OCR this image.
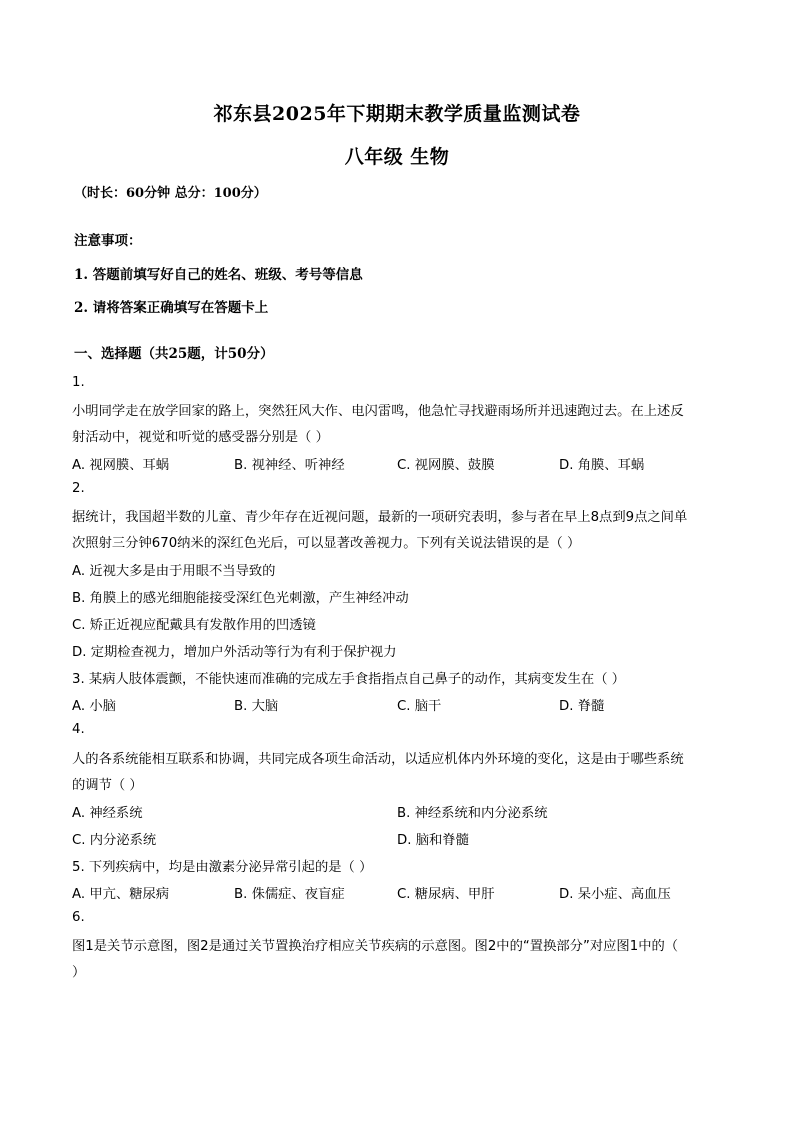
祁东县2025年下期期末教学质量监测试卷
八年级 生物
（时长：60分钟 总分：100分）
注意事项：
1. 答题前填写好自己的姓名、班级、考号等信息
2. 请将答案正确填写在答题卡上
一、选择题（共25题，计50分）
1.
小明同学走在放学回家的路上，突然狂风大作、电闪雷鸣，他急忙寻找避雨场所并迅速跑过去。在上述反
射活动中，视觉和听觉的感受器分别是（ ）
A. 视网膜、耳蜗	B. 视神经、听神经	C. 视网膜、鼓膜	D. 角膜、耳蜗
2.
据统计，我国超半数的儿童、青少年存在近视问题，最新的一项研究表明，参与者在早上8点到9点之间单
次照射三分钟670纳米的深红色光后，可以显著改善视力。下列有关说法错误的是（ ）
A. 近视大多是由于用眼不当导致的
B. 角膜上的感光细胞能接受深红色光刺激，产生神经冲动
C. 矫正近视应配戴具有发散作用的凹透镜
D. 定期检查视力，增加户外活动等行为有利于保护视力
3. 某病人肢体震颤，不能快速而准确的完成左手食指指点自己鼻子的动作，其病变发生在（ ）
A. 小脑	B. 大脑	C. 脑干	D. 脊髓
4.
人的各系统能相互联系和协调，共同完成各项生命活动，以适应机体内外环境的变化，这是由于哪些系统
的调节（ ）
A. 神经系统	B. 神经系统和内分泌系统
C. 内分泌系统	D. 脑和脊髓
5. 下列疾病中，均是由激素分泌异常引起的是（ ）
A. 甲亢、糖尿病	B. 侏儒症、夜盲症	C. 糖尿病、甲肝	D. 呆小症、高血压
6.
图1是关节示意图，图2是通过关节置换治疗相应关节疾病的示意图。图2中的“置换部分”对应图1中的（
）
